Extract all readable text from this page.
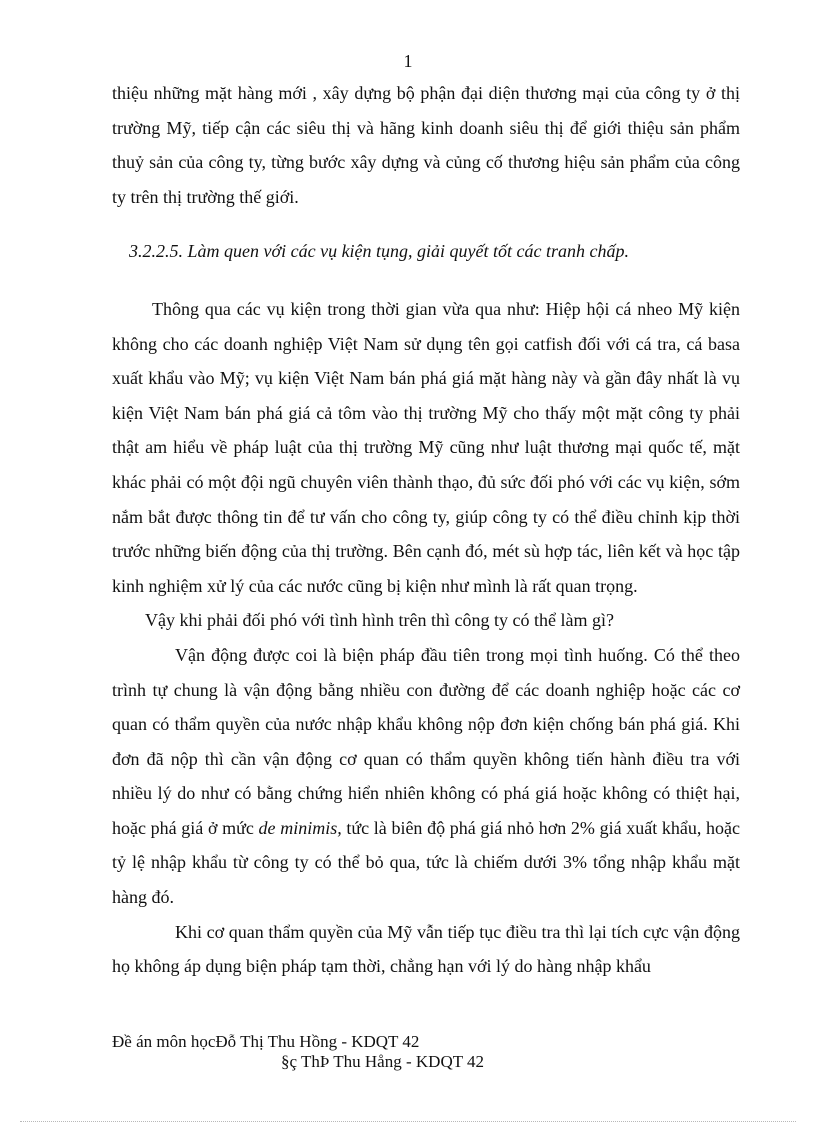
1

thiệu những mặt hàng mới , xây dựng bộ phận đại diện thương mại của công ty ở thị trường Mỹ, tiếp cận các siêu thị và hãng kinh doanh siêu thị để giới thiệu sản phẩm thuỷ sản của công ty, từng bước xây dựng và củng cố thương hiệu sản phẩm của công ty trên thị trường thế giới.

3.2.2.5. Làm quen với các vụ kiện tụng, giải quyết tốt các tranh chấp.

Thông qua các vụ kiện trong thời gian vừa qua như: Hiệp hội cá nheo Mỹ kiện không cho các doanh nghiệp Việt Nam sử dụng tên gọi catfish đối với cá tra, cá basa xuất khẩu vào Mỹ; vụ kiện Việt Nam bán phá giá mặt hàng này và gần đây nhất là vụ kiện Việt Nam bán phá giá cả tôm vào thị trường Mỹ cho thấy một mặt công ty phải thật am hiểu về pháp luật của thị trường Mỹ cũng như luật thương mại quốc tế, mặt khác phải có một đội ngũ chuyên viên thành thạo, đủ sức đối phó với các vụ kiện, sớm nắm bắt được thông tin để tư vấn cho công ty, giúp công ty có thể điều chỉnh kịp thời trước những biến động của thị trường. Bên cạnh đó, mét sù hợp tác, liên kết và học tập kinh nghiệm xử lý của các nước cũng bị kiện như mình là rất quan trọng.

Vậy khi phải đối phó với tình hình trên thì công ty có thể làm gì?

Vận động được coi là biện pháp đầu tiên trong mọi tình huống. Có thể theo trình tự chung là vận động bằng nhiều con đường để các doanh nghiệp hoặc các cơ quan có thẩm quyền của nước nhập khẩu không nộp đơn kiện chống bán phá giá. Khi đơn đã nộp thì cần vận động cơ quan có thẩm quyền không tiến hành điều tra với nhiều lý do như có bằng chứng hiển nhiên không có phá giá hoặc không có thiệt hại, hoặc phá giá ở mức de minimis, tức là biên độ phá giá nhỏ hơn 2% giá xuất khẩu, hoặc tỷ lệ nhập khẩu từ công ty có thể bỏ qua, tức là chiếm dưới 3% tổng nhập khẩu mặt hàng đó.

Khi cơ quan thẩm quyền của Mỹ vẫn tiếp tục điều tra thì lại tích cực vận động họ không áp dụng biện pháp tạm thời, chẳng hạn với lý do hàng nhập khẩu

Đề án môn họcĐỗ Thị Thu Hồng - KDQT 42
§ç ThÞ Thu Hång - KDQT 42
